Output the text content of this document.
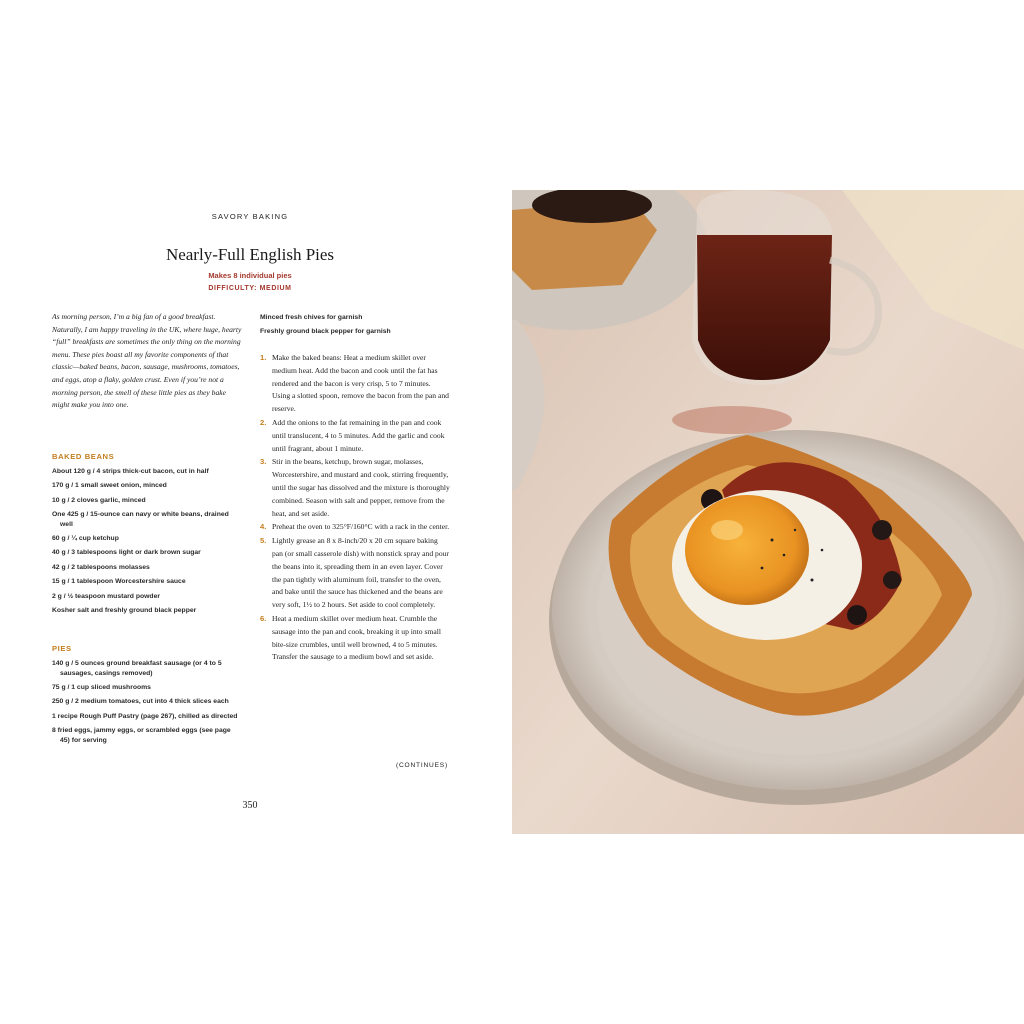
SAVORY BAKING
Nearly-Full English Pies
Makes 8 individual pies
DIFFICULTY: MEDIUM

As morning person, I’m a big fan of a good breakfast. Naturally, I am happy traveling in the UK, where huge, hearty “full” breakfasts are sometimes the only thing on the morning menu. These pies boast all my favorite components of that classic—baked beans, bacon, sausage, mushrooms, tomatoes, and eggs, atop a flaky, golden crust. Even if you’re not a morning person, the smell of these little pies as they bake might make you into one.

BAKED BEANS
About 120 g / 4 strips thick-cut bacon, cut in half
170 g / 1 small sweet onion, minced
10 g / 2 cloves garlic, minced
One 425 g / 15-ounce can navy or white beans, drained well
60 g / ¼ cup ketchup
40 g / 3 tablespoons light or dark brown sugar
42 g / 2 tablespoons molasses
15 g / 1 tablespoon Worcestershire sauce
2 g / ½ teaspoon mustard powder
Kosher salt and freshly ground black pepper
PIES
140 g / 5 ounces ground breakfast sausage (or 4 to 5 sausages, casings removed)
75 g / 1 cup sliced mushrooms
250 g / 2 medium tomatoes, cut into 4 thick slices each
1 recipe Rough Puff Pastry (page 267), chilled as directed
8 fried eggs, jammy eggs, or scrambled eggs (see page 45) for serving
Minced fresh chives for garnish
Freshly ground black pepper for garnish
1. Make the baked beans: Heat a medium skillet over medium heat. Add the bacon and cook until the fat has rendered and the bacon is very crisp, 5 to 7 minutes. Using a slotted spoon, remove the bacon from the pan and reserve.
2. Add the onions to the fat remaining in the pan and cook until translucent, 4 to 5 minutes. Add the garlic and cook until fragrant, about 1 minute.
3. Stir in the beans, ketchup, brown sugar, molasses, Worcestershire, and mustard and cook, stirring frequently, until the sugar has dissolved and the mixture is thoroughly combined. Season with salt and pepper, remove from the heat, and set aside.
4. Preheat the oven to 325°F/160°C with a rack in the center.
5. Lightly grease an 8 x 8-inch/20 x 20 cm square baking pan (or small casserole dish) with nonstick spray and pour the beans into it, spreading them in an even layer. Cover the pan tightly with aluminum foil, transfer to the oven, and bake until the sauce has thickened and the beans are very soft, 1½ to 2 hours. Set aside to cool completely.
6. Heat a medium skillet over medium heat. Crumble the sausage into the pan and cook, breaking it up into small bite-size crumbles, until well browned, 4 to 5 minutes. Transfer the sausage to a medium bowl and set aside.
(CONTINUES)
350
